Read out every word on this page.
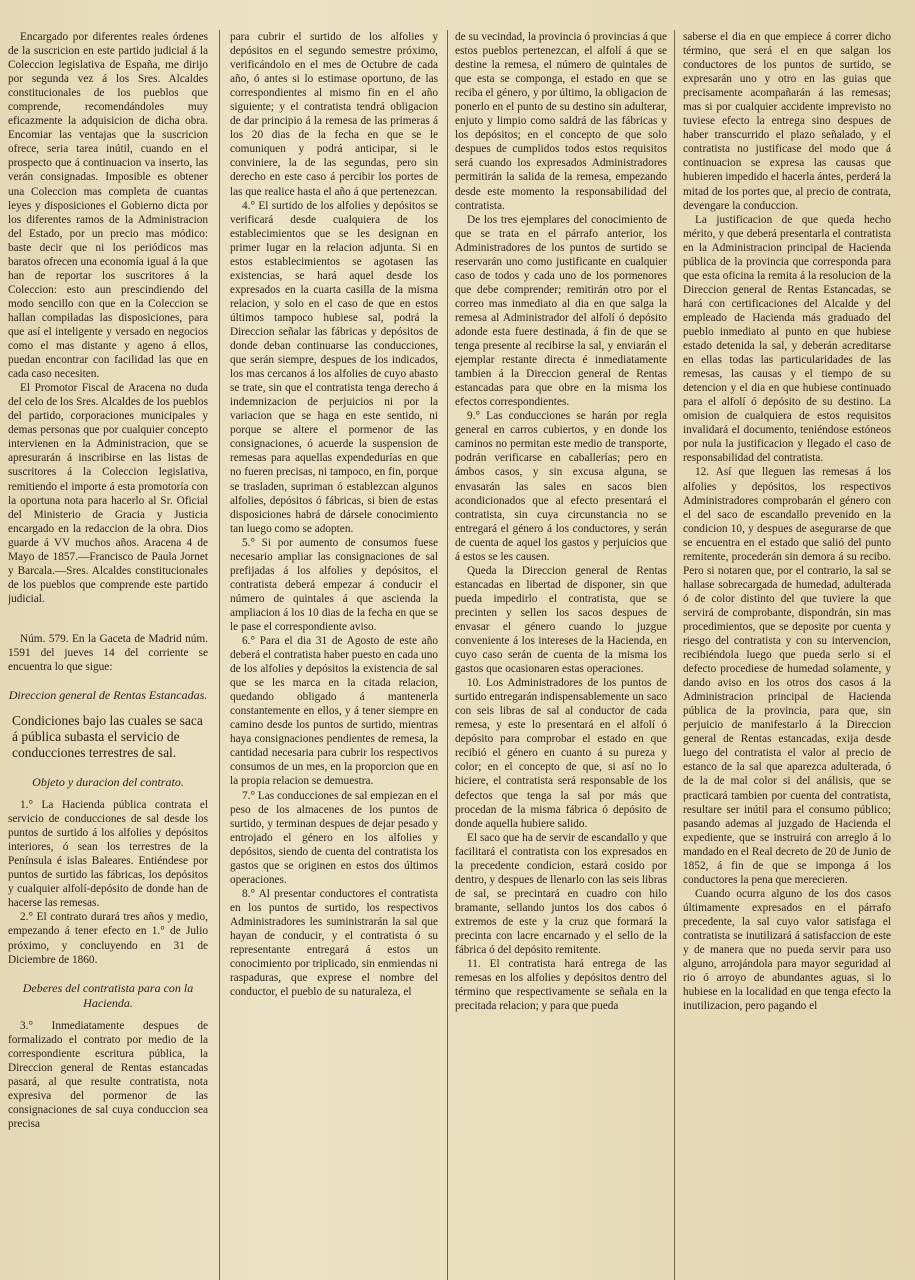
Encargado por diferentes reales órdenes de la suscricion en este partido judicial á la Coleccion legislativa de España, me dirijo por segunda vez á los Sres. Alcaldes constitucionales de los pueblos que comprende, recomendándoles muy eficazmente la adquisicion de dicha obra. Encomiar las ventajas que la suscricion ofrece, seria tarea inútil, cuando en el prospecto que á continuacion va inserto, las verán consignadas. Imposible es obtener una Coleccion mas completa de cuantas leyes y disposiciones el Gobierno dicta por los diferentes ramos de la Administracion del Estado, por un precio mas módico: baste decir que ni los periódicos mas baratos ofrecen una economía igual á la que han de reportar los suscritores á la Coleccion: esto aun prescindiendo del modo sencillo con que en la Coleccion se hallan compiladas las disposiciones, para que así el inteligente y versado en negocios como el mas distante y ageno á ellos, puedan encontrar con facilidad las que en cada caso necesiten.

El Promotor Fiscal de Aracena no duda del celo de los Sres. Alcaldes de los pueblos del partido, corporaciones municipales y demas personas que por cualquier concepto intervienen en la Administracion, que se apresurarán á inscribirse en las listas de suscritores á la Coleccion legislativa, remitiendo el importe á esta promotoría con la oportuna nota para hacerlo al Sr. Oficial del Ministerio de Gracia y Justicia encargado en la redaccion de la obra. Dios guarde á VV muchos años. Aracena 4 de Mayo de 1857.—Francisco de Paula Jornet y Barcala.—Sres. Alcaldes constitucionales de los pueblos que comprende este partido judicial.

Núm. 579. En la Gaceta de Madrid núm. 1591 del jueves 14 del corriente se encuentra lo que sigue:

Direccion general de Rentas Estancadas.

Condiciones bajo las cuales se saca á pública subasta el servicio de conducciones terrestres de sal.

Objeto y duracion del contrato.

1.° La Hacienda pública contrata el servicio de conducciones de sal desde los puntos de surtido á los alfolies y depósitos interiores, ó sean los terrestres de la Península é islas Baleares. Entiéndese por puntos de surtido las fábricas, los depósitos y cualquier alfolí-depósito de donde han de hacerse las remesas.

2.° El contrato durará tres años y medio, empezando á tener efecto en 1.° de Julio próximo, y concluyendo en 31 de Diciembre de 1860.

Deberes del contratista para con la Hacienda.

3.° Inmediatamente despues de formalizado el contrato por medio de la correspondiente escritura pública, la Direccion general de Rentas estancadas pasará, al que resulte contratista, nota expresiva del pormenor de las consignaciones de sal cuya conduccion sea precisa

para cubrir el surtido de los alfolies y depósitos en el segundo semestre próximo, verificándolo en el mes de Octubre de cada año, ó antes si lo estimase oportuno, de las correspondientes al mismo fin en el año siguiente; y el contratista tendrá obligacion de dar principio á la remesa de las primeras á los 20 dias de la fecha en que se le comuniquen y podrá anticipar, si le conviniere, la de las segundas, pero sin derecho en este caso á percibir los portes de las que realice hasta el año á que pertenezcan.

4.° El surtido de los alfolies y depósitos se verificará desde cualquiera de los establecimientos que se les designan en primer lugar en la relacion adjunta. Si en estos establecimientos se agotasen las existencias, se hará aquel desde los expresados en la cuarta casilla de la misma relacion, y solo en el caso de que en estos últimos tampoco hubiese sal, podrá la Direccion señalar las fábricas y depósitos de donde deban continuarse las conducciones, que serán siempre, despues de los indicados, los mas cercanos á los alfolies de cuyo abasto se trate, sin que el contratista tenga derecho á indemnizacion de perjuicios ni por la variacion que se haga en este sentido, ni porque se altere el pormenor de las consignaciones, ó acuerde la suspension de remesas para aquellas expendedurías en que no fueren precisas, ni tampoco, en fin, porque se trasladen, supriman ó establezcan algunos alfolies, depósitos ó fábricas, si bien de estas disposiciones habrá de dársele conocimiento tan luego como se adopten.

5.° Si por aumento de consumos fuese necesario ampliar las consignaciones de sal prefijadas á los alfolies y depósitos, el contratista deberá empezar á conducir el número de quintales á que ascienda la ampliacion á los 10 dias de la fecha en que se le pase el correspondiente aviso.

6.° Para el dia 31 de Agosto de este año deberá el contratista haber puesto en cada uno de los alfolies y depósitos la existencia de sal que se les marca en la citada relacion, quedando obligado á mantenerla constantemente en ellos, y á tener siempre en camino desde los puntos de surtido, mientras haya consignaciones pendientes de remesa, la cantidad necesaria para cubrir los respectivos consumos de un mes, en la proporcion que en la propia relacion se demuestra.

7.° Las conducciones de sal empiezan en el peso de los almacenes de los puntos de surtido, y terminan despues de dejar pesado y entrojado el género en los alfolies y depósitos, siendo de cuenta del contratista los gastos que se originen en estos dos últimos operaciones.

8.° Al presentar conductores el contratista en los puntos de surtido, los respectivos Administradores les suministrarán la sal que hayan de conducir, y el contratista ó su representante entregará á estos un conocimiento por triplicado, sin enmiendas ni raspaduras, que exprese el nombre del conductor, el pueblo de su naturaleza, el

de su vecindad, la provincia ó provincias á que estos pueblos pertenezcan, el alfolí á que se destine la remesa, el número de quintales de que esta se componga, el estado en que se reciba el género, y por último, la obligacion de ponerlo en el punto de su destino sin adulterar, enjuto y limpio como saldrá de las fábricas y los depósitos; en el concepto de que solo despues de cumplidos todos estos requisitos será cuando los expresados Administradores permitirán la salida de la remesa, empezando desde este momento la responsabilidad del contratista.

De los tres ejemplares del conocimiento de que se trata en el párrafo anterior, los Administradores de los puntos de surtido se reservarán uno como justificante en cualquier caso de todos y cada uno de los pormenores que debe comprender; remitirán otro por el correo mas inmediato al dia en que salga la remesa al Administrador del alfolí ó depósito adonde esta fuere destinada, á fin de que se tenga presente al recibirse la sal, y enviarán el ejemplar restante directa é inmediatamente tambien á la Direccion general de Rentas estancadas para que obre en la misma los efectos correspondientes.

9.° Las conducciones se harán por regla general en carros cubiertos, y en donde los caminos no permitan este medio de transporte, podrán verificarse en caballerías; pero en ámbos casos, y sin excusa alguna, se envasarán las sales en sacos bien acondicionados que al efecto presentará el contratista, sin cuya circunstancia no se entregará el género á los conductores, y serán de cuenta de aquel los gastos y perjuicios que á estos se les causen.

Queda la Direccion general de Rentas estancadas en libertad de disponer, sin que pueda impedirlo el contratista, que se precinten y sellen los sacos despues de envasar el género cuando lo juzgue conveniente á los intereses de la Hacienda, en cuyo caso serán de cuenta de la misma los gastos que ocasionaren estas operaciones.

10. Los Administradores de los puntos de surtido entregarán indispensablemente un saco con seis libras de sal al conductor de cada remesa, y este lo presentará en el alfolí ó depósito para comprobar el estado en que recibió el género en cuanto á su pureza y color; en el concepto de que, si así no lo hiciere, el contratista será responsable de los defectos que tenga la sal por más que procedan de la misma fábrica ó depósito de donde aquella hubiere salido.

El saco que ha de servir de escandallo y que facilitará el contratista con los expresados en la precedente condicion, estará cosido por dentro, y despues de llenarlo con las seis libras de sal, se precintará en cuadro con hilo bramante, sellando juntos los dos cabos ó extremos de este y la cruz que formará la precinta con lacre encarnado y el sello de la fábrica ó del depósito remitente.

11. El contratista hará entrega de las remesas en los alfolies y depósitos dentro del término que respectivamente se señala en la precitada relacion; y para que pueda

saberse el dia en que empiece á correr dicho término, que será el en que salgan los conductores de los puntos de surtido, se expresarán uno y otro en las guias que precisamente acompañarán á las remesas; mas si por cualquier accidente imprevisto no tuviese efecto la entrega sino despues de haber transcurrido el plazo señalado, y el contratista no justificase del modo que á continuacion se expresa las causas que hubieren impedido el hacerla ántes, perderá la mitad de los portes que, al precio de contrata, devengare la conduccion.

La justificacion de que queda hecho mérito, y que deberá presentarla el contratista en la Administracion principal de Hacienda pública de la provincia que corresponda para que esta oficina la remita á la resolucion de la Direccion general de Rentas Estancadas, se hará con certificaciones del Alcalde y del empleado de Hacienda más graduado del pueblo inmediato al punto en que hubiese estado detenida la sal, y deberán acreditarse en ellas todas las particularidades de las remesas, las causas y el tiempo de su detencion y el dia en que hubiese continuado para el alfolí ó depósito de su destino. La omision de cualquiera de estos requisitos invalidará el documento, teniéndose estóneos por nula la justificacion y llegado el caso de responsabilidad del contratista.

12. Así que lleguen las remesas á los alfolies y depósitos, los respectivos Administradores comprobarán el género con el del saco de escandallo prevenido en la condicion 10, y despues de asegurarse de que se encuentra en el estado que salió del punto remitente, procederán sin demora á su recibo. Pero si notaren que, por el contrario, la sal se hallase sobrecargada de humedad, adulterada ó de color distinto del que tuviere la que servirá de comprobante, dispondrán, sin mas procedimientos, que se deposite por cuenta y riesgo del contratista y con su intervencion, recibiéndola luego que pueda serlo si el defecto procediese de humedad solamente, y dando aviso en los otros dos casos á la Administracion principal de Hacienda pública de la provincia, para que, sin perjuicio de manifestarlo á la Direccion general de Rentas estancadas, exija desde luego del contratista el valor al precio de estanco de la sal que aparezca adulterada, ó de la de mal color si del análisis, que se practicará tambien por cuenta del contratista, resultare ser inútil para el consumo público; pasando ademas al juzgado de Hacienda el expediente, que se instruirá con arreglo á lo mandado en el Real decreto de 20 de Junio de 1852, á fin de que se imponga á los conductores la pena que merecieren.

Cuando ocurra alguno de los dos casos últimamente expresados en el párrafo precedente, la sal cuyo valor satisfaga el contratista se inutilizará á satisfaccion de este y de manera que no pueda servir para uso alguno, arrojándola para mayor seguridad al rio ó arroyo de abundantes aguas, si lo hubiese en la localidad en que tenga efecto la inutilizacion, pero pagando el
